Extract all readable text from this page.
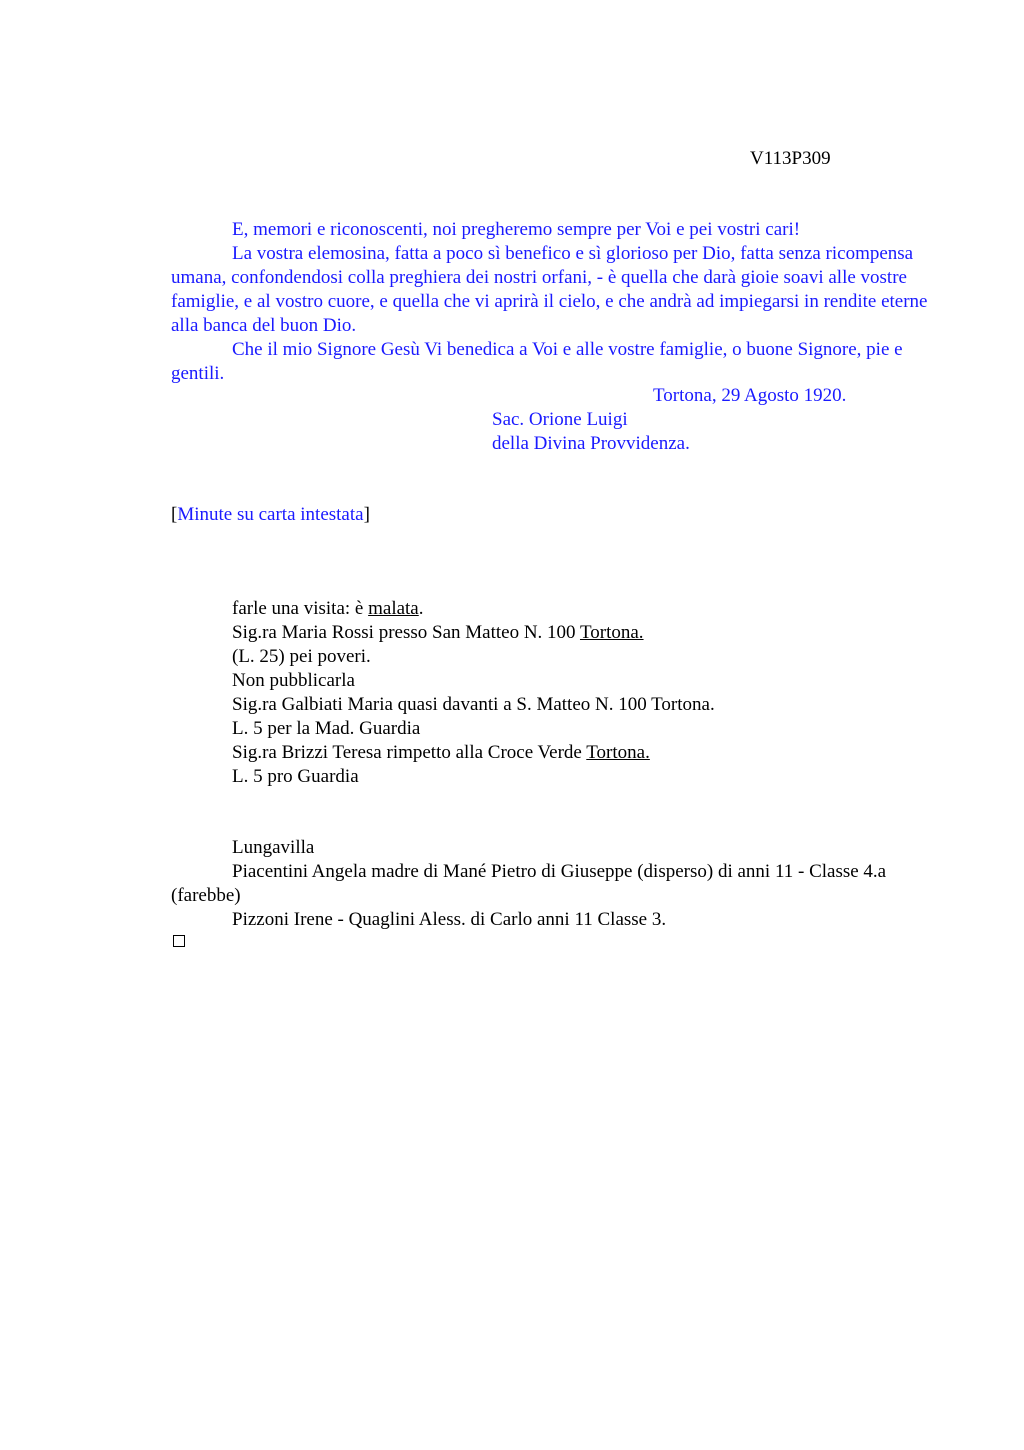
V113P309

E, memori e riconoscenti, noi pregheremo sempre per Voi e pei vostri cari!

La vostra elemosina, fatta a poco sì benefico e sì glorioso per Dio, fatta senza ricompensa umana, confondendosi colla preghiera dei nostri orfani, - è quella che darà gioie soavi alle vostre famiglie, e al vostro cuore, e quella che vi aprirà il cielo, e che andrà ad impiegarsi in rendite eterne alla banca del buon Dio.

Che il mio Signore Gesù Vi benedica a Voi e alle vostre famiglie, o buone Signore, pie e gentili.

Tortona, 29 Agosto 1920.
Sac. Orione Luigi
della Divina Provvidenza.
[Minute su carta intestata]

farle una visita: è malata.

Sig.ra Maria Rossi presso San Matteo N. 100 Tortona.

(L. 25) pei poveri.

Non pubblicarla

Sig.ra Galbiati Maria quasi davanti a S. Matteo N. 100 Tortona.

L. 5 per la Mad. Guardia

Sig.ra Brizzi Teresa rimpetto alla Croce Verde Tortona.

L. 5 pro Guardia

Lungavilla

Piacentini Angela madre di Mané Pietro di Giuseppe (disperso) di anni 11 - Classe 4.a (farebbe)

Pizzoni Irene - Quaglini Aless. di Carlo anni 11 Classe 3.
